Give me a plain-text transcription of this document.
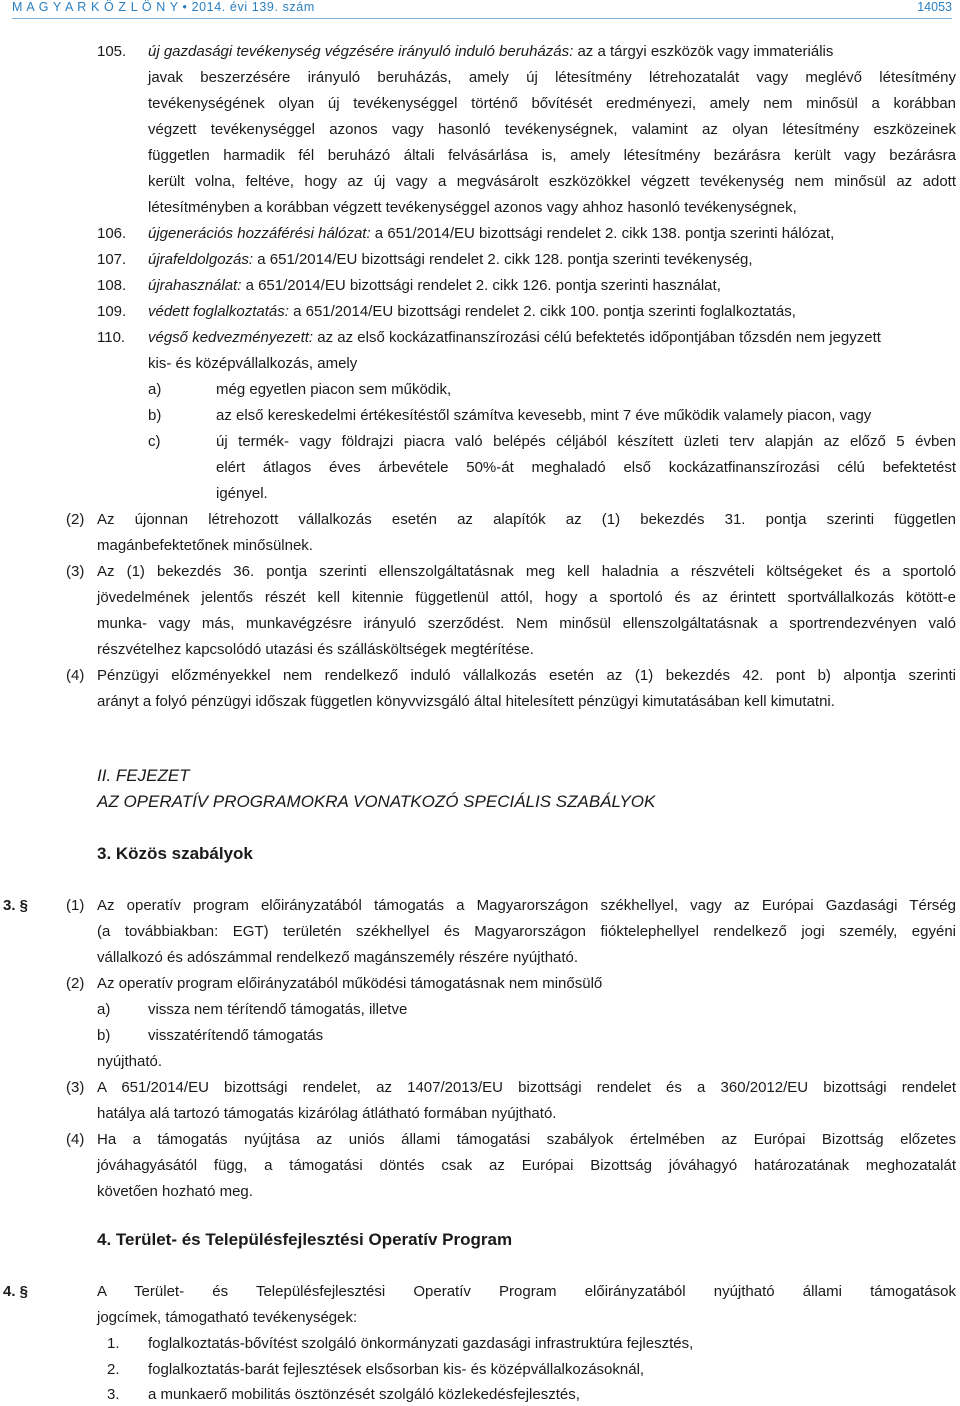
M A G Y A R K Ö Z L Ö N Y • 2014. évi 139. szám	14053
105. új gazdasági tevékenység végzésére irányuló induló beruházás: az a tárgyi eszközök vagy immateriális
javak beszerzésére irányuló beruházás, amely új létesítmény létrehozatalát vagy meglévő létesítmény
tevékenységének olyan új tevékenységgel történő bővítését eredményezi, amely nem minősül a korábban
végzett tevékenységgel azonos vagy hasonló tevékenységnek, valamint az olyan létesítmény eszközeinek
független harmadik fél beruházó általi felvásárlása is, amely létesítmény bezárásra került vagy bezárásra
került volna, feltéve, hogy az új vagy a megvásárolt eszközökkel végzett tevékenység nem minősül az adott
létesítményben a korábban végzett tevékenységgel azonos vagy ahhoz hasonló tevékenységnek,
106. újgenerációs hozzáférési hálózat: a 651/2014/EU bizottsági rendelet 2. cikk 138. pontja szerinti hálózat,
107. újrafeldolgozás: a 651/2014/EU bizottsági rendelet 2. cikk 128. pontja szerinti tevékenység,
108. újrahasználat: a 651/2014/EU bizottsági rendelet 2. cikk 126. pontja szerinti használat,
109. védett foglalkoztatás: a 651/2014/EU bizottsági rendelet 2. cikk 100. pontja szerinti foglalkoztatás,
110. végső kedvezményezett: az az első kockázatfinanszírozási célú befektetés időpontjában tőzsdén nem jegyzett
kis- és középvállalkozás, amely
a)	még egyetlen piacon sem működik,
b)	az első kereskedelmi értékesítéstől számítva kevesebb, mint 7 éve működik valamely piacon, vagy
c)	új termék- vagy földrajzi piacra való belépés céljából készített üzleti terv alapján az előző 5 évben
elért átlagos éves árbevétele 50%-át meghaladó első kockázatfinanszírozási célú befektetést
igényel.
(2) Az újonnan létrehozott vállalkozás esetén az alapítók az (1) bekezdés 31. pontja szerinti független
magánbefektetőnek minősülnek.
(3) Az (1) bekezdés 36. pontja szerinti ellenszolgáltatásnak meg kell haladnia a részvételi költségeket és a sportoló
jövedelmének jelentős részét kell kitennie függetlenül attól, hogy a sportoló és az érintett sportvállalkozás kötött-e
munka- vagy más, munkavégzésre irányuló szerződést. Nem minősül ellenszolgáltatásnak a sportrendezvényen való
részvételhez kapcsolódó utazási és szállásköltségek megtérítése.
(4) Pénzügyi előzményekkel nem rendelkező induló vállalkozás esetén az (1) bekezdés 42. pont b) alpontja szerinti
arányt a folyó pénzügyi időszak független könyvvizsgáló által hitelesített pénzügyi kimutatásában kell kimutatni.
II. FEJEZET
AZ OPERATÍV PROGRAMOKRA VONATKOZÓ SPECIÁLIS SZABÁLYOK
3. Közös szabályok
3. §	(1) Az operatív program előirányzatából támogatás a Magyarországon székhellyel, vagy az Európai Gazdasági Térség
(a továbbiakban: EGT) területén székhellyel és Magyarországon fióktelephellyel rendelkező jogi személy, egyéni
vállalkozó és adószámmal rendelkező magánszemély részére nyújtható.
(2) Az operatív program előirányzatából működési támogatásnak nem minősülő
a)	vissza nem térítendő támogatás, illetve
b)	visszatérítendő támogatás
nyújtható.
(3) A 651/2014/EU bizottsági rendelet, az 1407/2013/EU bizottsági rendelet és a 360/2012/EU bizottsági rendelet
hatálya alá tartozó támogatás kizárólag átlátható formában nyújtható.
(4) Ha a támogatás nyújtása az uniós állami támogatási szabályok értelmében az Európai Bizottság előzetes
jóváhagyásától függ, a támogatási döntés csak az Európai Bizottság jóváhagyó határozatának meghozatalát
követően hozható meg.
4. Terület- és Településfejlesztési Operatív Program
4. §	A Terület- és Településfejlesztési Operatív Program előirányzatából nyújtható állami támogatások
jogcímek, támogatható tevékenységek:
1. foglalkoztatás-bővítést szolgáló önkormányzati gazdasági infrastruktúra fejlesztés,
2. foglalkoztatás-barát fejlesztések elsősorban kis- és középvállalkozásoknál,
3. a munkaerő mobilitás ösztönzését szolgáló közlekedésfejlesztés,
